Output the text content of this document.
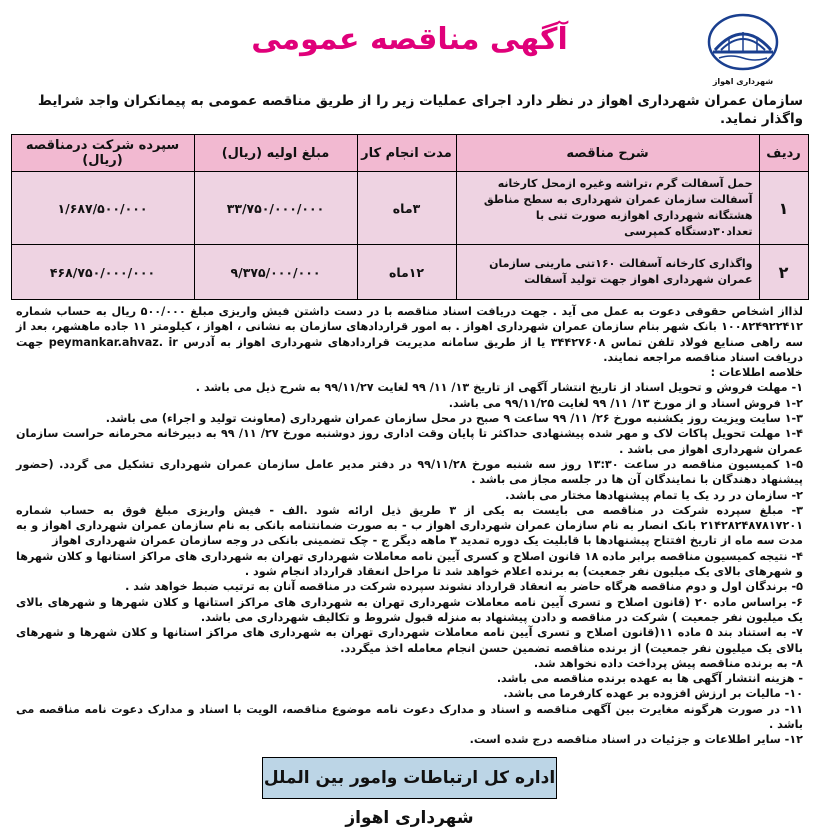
شهرداری اهواز
آگهی مناقصه عمومی
سازمان عمران شهرداری اهواز در نظر دارد اجرای عملیات زیر را از طریق مناقصه عمومی به پیمانکران واجد شرایط واگذار نماید.
ردیف	شرح مناقصه	مدت انجام کار	مبلغ اولیه (ریال)	سپرده شرکت درمناقصه (ریال)
۱	حمل آسفالت گرم ،تراشه وغیره ازمحل کارخانه آسفالت سازمان عمران شهرداری به سطح مناطق هشتگانه شهرداری اهوازبه صورت تنی با تعداد۳۰دستگاه کمپرسی	۳ماه	۳۳/۷۵۰/۰۰۰/۰۰۰	۱/۶۸۷/۵۰۰/۰۰۰
۲	واگذاری کارخانه آسفالت ۱۶۰تنی مارینی سازمان عمران شهرداری اهواز جهت تولید آسفالت	۱۲ماه	۹/۳۷۵/۰۰۰/۰۰۰	۴۶۸/۷۵۰/۰۰۰/۰۰۰

لذااز اشخاص حقوقی دعوت به عمل می آید . جهت دریافت اسناد مناقصه با در دست داشتن فیش واریزی مبلغ ۵۰۰/۰۰۰ ریال به حساب شماره ۱۰۰۸۲۴۹۲۲۴۱۲ بانک شهر بنام سازمان عمران شهرداری اهواز . به امور قراردادهای سازمان به نشانی ، اهواز ، کیلومتر ۱۱ جاده ماهشهر، بعد از سه راهی صنایع فولاد تلفن تماس ۳۴۴۲۷۶۰۸ یا از طریق سامانه مدیریت قراردادهای شهرداری اهواز به آدرس peymankar.ahvaz. ir جهت دریافت اسناد مناقصه مراجعه نمایند.

خلاصه اطلاعات :

۱- مهلت فروش و تحویل اسناد از تاریخ انتشار آگهی از تاریخ ۱۳/ ۱۱/ ۹۹ لغایت ۹۹/۱۱/۲۷ به شرح ذیل می باشد .

۱-۲ فروش اسناد و از مورخ ۱۳/ ۱۱/ ۹۹ لغایت ۹۹/۱۱/۲۵ می باشد.

۱-۳ سایت ویزیت روز یکشنبه مورخ ۲۶/ ۱۱/ ۹۹ ساعت ۹ صبح در محل سازمان عمران شهرداری (معاونت تولید و اجراء) می باشد.

۱-۴ مهلت تحویل پاکات لاک و مهر شده پیشنهادی حداکثر تا پایان وقت اداری روز دوشنبه مورخ ۲۷/ ۱۱/ ۹۹ به دبیرخانه محرمانه حراست سازمان عمران شهرداری اهواز می باشد .

۱-۵ کمیسیون مناقصه در ساعت ۱۳:۳۰ روز سه شنبه مورخ ۹۹/۱۱/۲۸ در دفتر مدیر عامل سازمان عمران شهرداری تشکیل می گردد. (حضور پیشنهاد دهندگان با نمایندگان آن ها در جلسه مجاز می باشد .

۲- سازمان در رد یک یا تمام پیشنهادها مختار می باشد.

۳- مبلغ سپرده شرکت در مناقصه می بایست به یکی از ۳ طریق ذیل ارائه شود .الف - فیش واریزی مبلغ فوق به حساب شماره ۲۱۴۲۸۲۴۸۷۸۱۷۲۰۱ بانک انصار به نام سازمان عمران شهرداری اهواز ب - به صورت ضمانتنامه بانکی به نام سازمان عمران شهرداری اهواز و به مدت سه ماه از تاریخ افتتاح پیشنهادها با قابلیت یک دوره تمدید ۳ ماهه دیگر ج - چک تضمینی بانکی در وجه سازمان عمران شهرداری اهواز

۴- نتیجه کمیسیون مناقصه برابر ماده ۱۸ قانون اصلاح و کسری آیین نامه معاملات شهرداری تهران به شهرداری های مراکز استانها و کلان شهرها و شهرهای بالای یک میلیون نفر جمعیت) به برنده اعلام خواهد شد تا مراحل انعقاد قرارداد انجام شود .

۵- برندگان اول و دوم مناقصه هرگاه حاضر به انعقاد قرارداد نشوند سپرده شرکت در مناقصه آنان به ترتیب ضبط خواهد شد .

۶- براساس ماده ۲۰ (قانون اصلاح و تسری آیین نامه معاملات شهرداری تهران به شهرداری های مراکز استانها و کلان شهرها و شهرهای بالای یک میلیون نفر جمعیت ) شرکت در مناقصه و دادن پیشنهاد به منزله قبول شروط و تکالیف شهرداری می باشد.

۷- به استناد بند ۵ ماده ۱۱(قانون اصلاح و تسری آیین نامه معاملات شهرداری تهران به شهرداری های مراکز استانها و کلان شهرها و شهرهای بالای یک میلیون نفر جمعیت) از برنده مناقصه تضمین حسن انجام معامله اخذ میگردد.

۸- به برنده مناقصه پیش پرداخت داده نخواهد شد.

- هزینه انتشار آگهی ها به عهده برنده مناقصه می باشد.

۱۰- مالیات بر ارزش افزوده بر عهده کارفرما می باشد.

۱۱- در صورت هرگونه مغایرت بین آگهی مناقصه و اسناد و مدارک دعوت نامه موضوع مناقصه، الویت با اسناد و مدارک دعوت نامه مناقصه می باشد .

۱۲- سایر اطلاعات و جزئیات در اسناد مناقصه درج شده است.

اداره کل ارتباطات وامور بین الملل شهرداری اهواز
